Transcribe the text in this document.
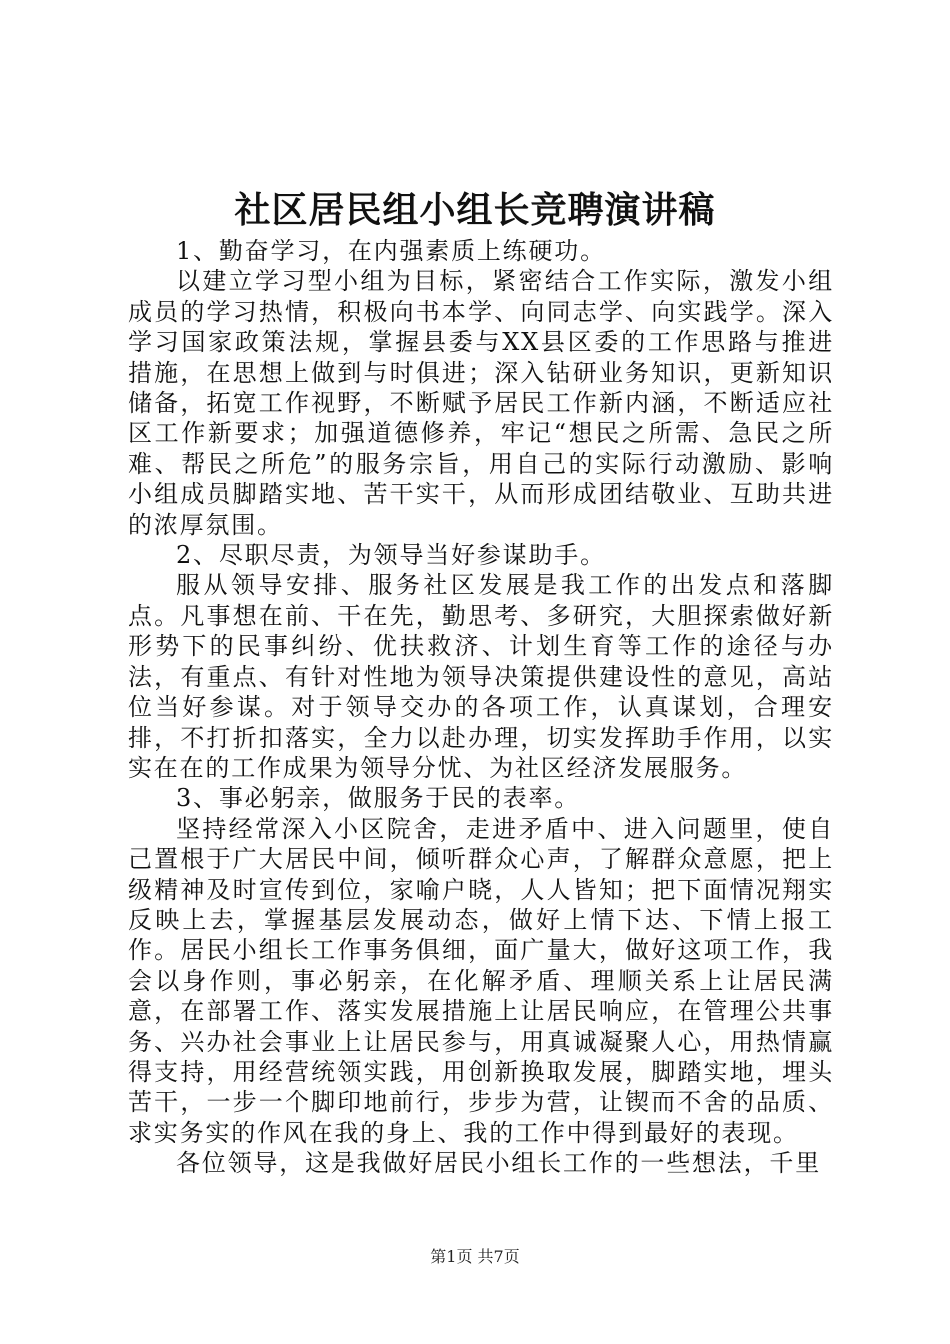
社区居民组小组长竞聘演讲稿

1、勤奋学习，在内强素质上练硬功。

以建立学习型小组为目标，紧密结合工作实际，激发小组成员的学习热情，积极向书本学、向同志学、向实践学。深入学习国家政策法规，掌握县委与XX县区委的工作思路与推进措施，在思想上做到与时俱进；深入钻研业务知识，更新知识储备，拓宽工作视野，不断赋予居民工作新内涵，不断适应社区工作新要求；加强道德修养，牢记“想民之所需、急民之所难、帮民之所危”的服务宗旨，用自己的实际行动激励、影响小组成员脚踏实地、苦干实干，从而形成团结敬业、互助共进的浓厚氛围。

2、尽职尽责，为领导当好参谋助手。

服从领导安排、服务社区发展是我工作的出发点和落脚点。凡事想在前、干在先，勤思考、多研究，大胆探索做好新形势下的民事纠纷、优扶救济、计划生育等工作的途径与办法，有重点、有针对性地为领导决策提供建设性的意见，高站位当好参谋。对于领导交办的各项工作，认真谋划，合理安排，不打折扣落实，全力以赴办理，切实发挥助手作用，以实实在在的工作成果为领导分忧、为社区经济发展服务。

3、事必躬亲，做服务于民的表率。

坚持经常深入小区院舍，走进矛盾中、进入问题里，使自己置根于广大居民中间，倾听群众心声，了解群众意愿，把上级精神及时宣传到位，家喻户晓，人人皆知；把下面情况翔实反映上去，掌握基层发展动态，做好上情下达、下情上报工作。居民小组长工作事务俱细，面广量大，做好这项工作，我会以身作则，事必躬亲，在化解矛盾、理顺关系上让居民满意，在部署工作、落实发展措施上让居民响应，在管理公共事务、兴办社会事业上让居民参与，用真诚凝聚人心，用热情赢得支持，用经营统领实践，用创新换取发展，脚踏实地，埋头苦干，一步一个脚印地前行，步步为营，让锲而不舍的品质、求实务实的作风在我的身上、我的工作中得到最好的表现。

各位领导，这是我做好居民小组长工作的一些想法，千里

第1页 共7页
